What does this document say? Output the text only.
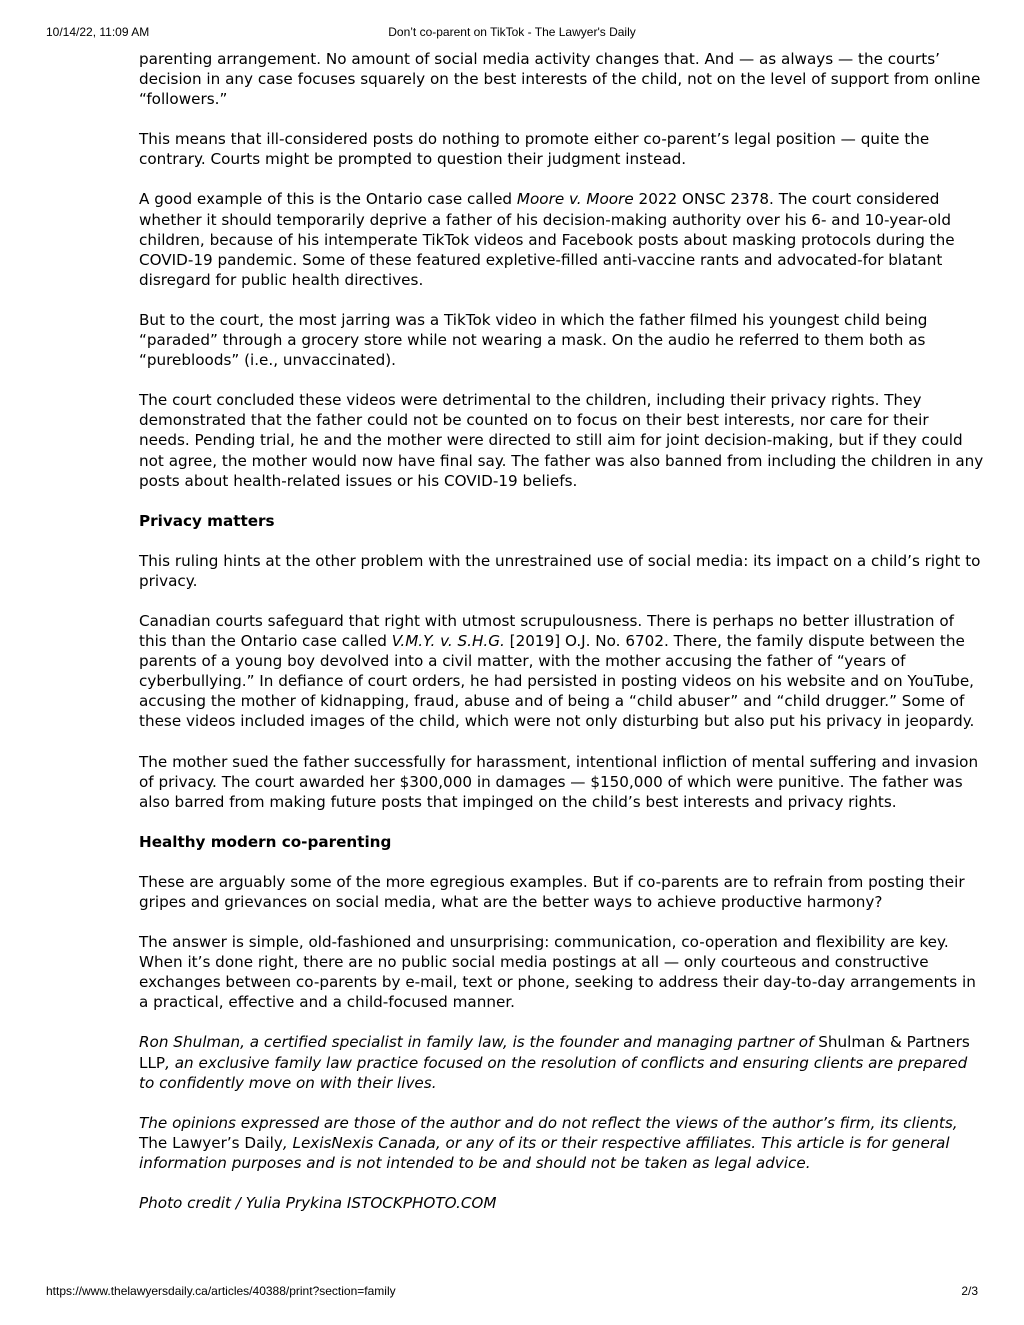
10/14/22, 11:09 AM	Don’t co-parent on TikTok - The Lawyer's Daily

parenting arrangement. No amount of social media activity changes that. And — as always — the courts’ decision in any case focuses squarely on the best interests of the child, not on the level of support from online “followers.”

This means that ill-considered posts do nothing to promote either co-parent’s legal position — quite the contrary. Courts might be prompted to question their judgment instead.

A good example of this is the Ontario case called Moore v. Moore 2022 ONSC 2378. The court considered whether it should temporarily deprive a father of his decision-making authority over his 6- and 10-year-old children, because of his intemperate TikTok videos and Facebook posts about masking protocols during the COVID-19 pandemic. Some of these featured expletive-filled anti-vaccine rants and advocated-for blatant disregard for public health directives.

But to the court, the most jarring was a TikTok video in which the father filmed his youngest child being “paraded” through a grocery store while not wearing a mask. On the audio he referred to them both as “purebloods” (i.e., unvaccinated).

The court concluded these videos were detrimental to the children, including their privacy rights. They demonstrated that the father could not be counted on to focus on their best interests, nor care for their needs. Pending trial, he and the mother were directed to still aim for joint decision-making, but if they could not agree, the mother would now have final say. The father was also banned from including the children in any posts about health-related issues or his COVID-19 beliefs.

Privacy matters

This ruling hints at the other problem with the unrestrained use of social media: its impact on a child’s right to privacy.

Canadian courts safeguard that right with utmost scrupulousness. There is perhaps no better illustration of this than the Ontario case called V.M.Y. v. S.H.G. [2019] O.J. No. 6702. There, the family dispute between the parents of a young boy devolved into a civil matter, with the mother accusing the father of “years of cyberbullying.” In defiance of court orders, he had persisted in posting videos on his website and on YouTube, accusing the mother of kidnapping, fraud, abuse and of being a “child abuser” and “child drugger.” Some of these videos included images of the child, which were not only disturbing but also put his privacy in jeopardy.

The mother sued the father successfully for harassment, intentional infliction of mental suffering and invasion of privacy. The court awarded her $300,000 in damages — $150,000 of which were punitive. The father was also barred from making future posts that impinged on the child’s best interests and privacy rights.

Healthy modern co-parenting

These are arguably some of the more egregious examples. But if co-parents are to refrain from posting their gripes and grievances on social media, what are the better ways to achieve productive harmony?

The answer is simple, old-fashioned and unsurprising: communication, co-operation and flexibility are key. When it’s done right, there are no public social media postings at all — only courteous and constructive exchanges between co-parents by e-mail, text or phone, seeking to address their day-to-day arrangements in a practical, effective and a child-focused manner.

Ron Shulman, a certified specialist in family law, is the founder and managing partner of Shulman & Partners LLP, an exclusive family law practice focused on the resolution of conflicts and ensuring clients are prepared to confidently move on with their lives.

The opinions expressed are those of the author and do not reflect the views of the author’s firm, its clients, The Lawyer’s Daily, LexisNexis Canada, or any of its or their respective affiliates. This article is for general information purposes and is not intended to be and should not be taken as legal advice.

Photo credit / Yulia Prykina ISTOCKPHOTO.COM

https://www.thelawyersdaily.ca/articles/40388/print?section=family	2/3
